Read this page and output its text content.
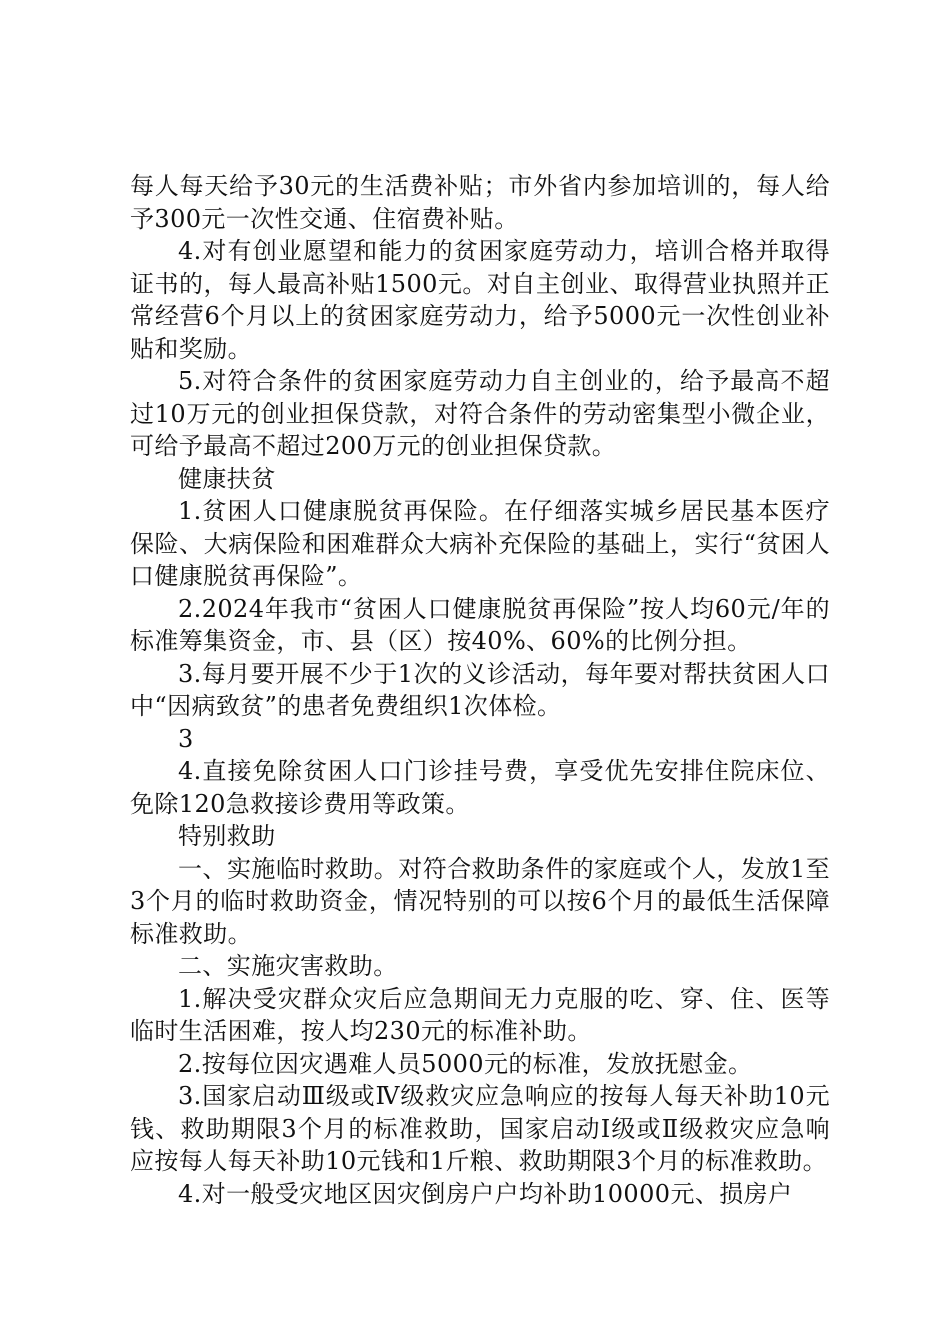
每人每天给予30元的生活费补贴；市外省内参加培训的，每人给予300元一次性交通、住宿费补贴。

4.对有创业愿望和能力的贫困家庭劳动力，培训合格并取得证书的，每人最高补贴1500元。对自主创业、取得营业执照并正常经营6个月以上的贫困家庭劳动力，给予5000元一次性创业补贴和奖励。

5.对符合条件的贫困家庭劳动力自主创业的，给予最高不超过10万元的创业担保贷款，对符合条件的劳动密集型小微企业，可给予最高不超过200万元的创业担保贷款。

健康扶贫

1.贫困人口健康脱贫再保险。在仔细落实城乡居民基本医疗保险、大病保险和困难群众大病补充保险的基础上，实行“贫困人口健康脱贫再保险”。

2.2024年我市“贫困人口健康脱贫再保险”按人均60元/年的标准筹集资金，市、县（区）按40%、60%的比例分担。

3.每月要开展不少于1次的义诊活动，每年要对帮扶贫困人口中“因病致贫”的患者免费组织1次体检。

3

4.直接免除贫困人口门诊挂号费，享受优先安排住院床位、免除120急救接诊费用等政策。

特别救助

一、实施临时救助。对符合救助条件的家庭或个人，发放1至3个月的临时救助资金，情况特别的可以按6个月的最低生活保障标准救助。

二、实施灾害救助。

1.解决受灾群众灾后应急期间无力克服的吃、穿、住、医等临时生活困难，按人均230元的标准补助。

2.按每位因灾遇难人员5000元的标准，发放抚慰金。

3.国家启动Ⅲ级或Ⅳ级救灾应急响应的按每人每天补助10元钱、救助期限3个月的标准救助，国家启动Ⅰ级或Ⅱ级救灾应急响应按每人每天补助10元钱和1斤粮、救助期限3个月的标准救助。

4.对一般受灾地区因灾倒房户户均补助10000元、损房户
